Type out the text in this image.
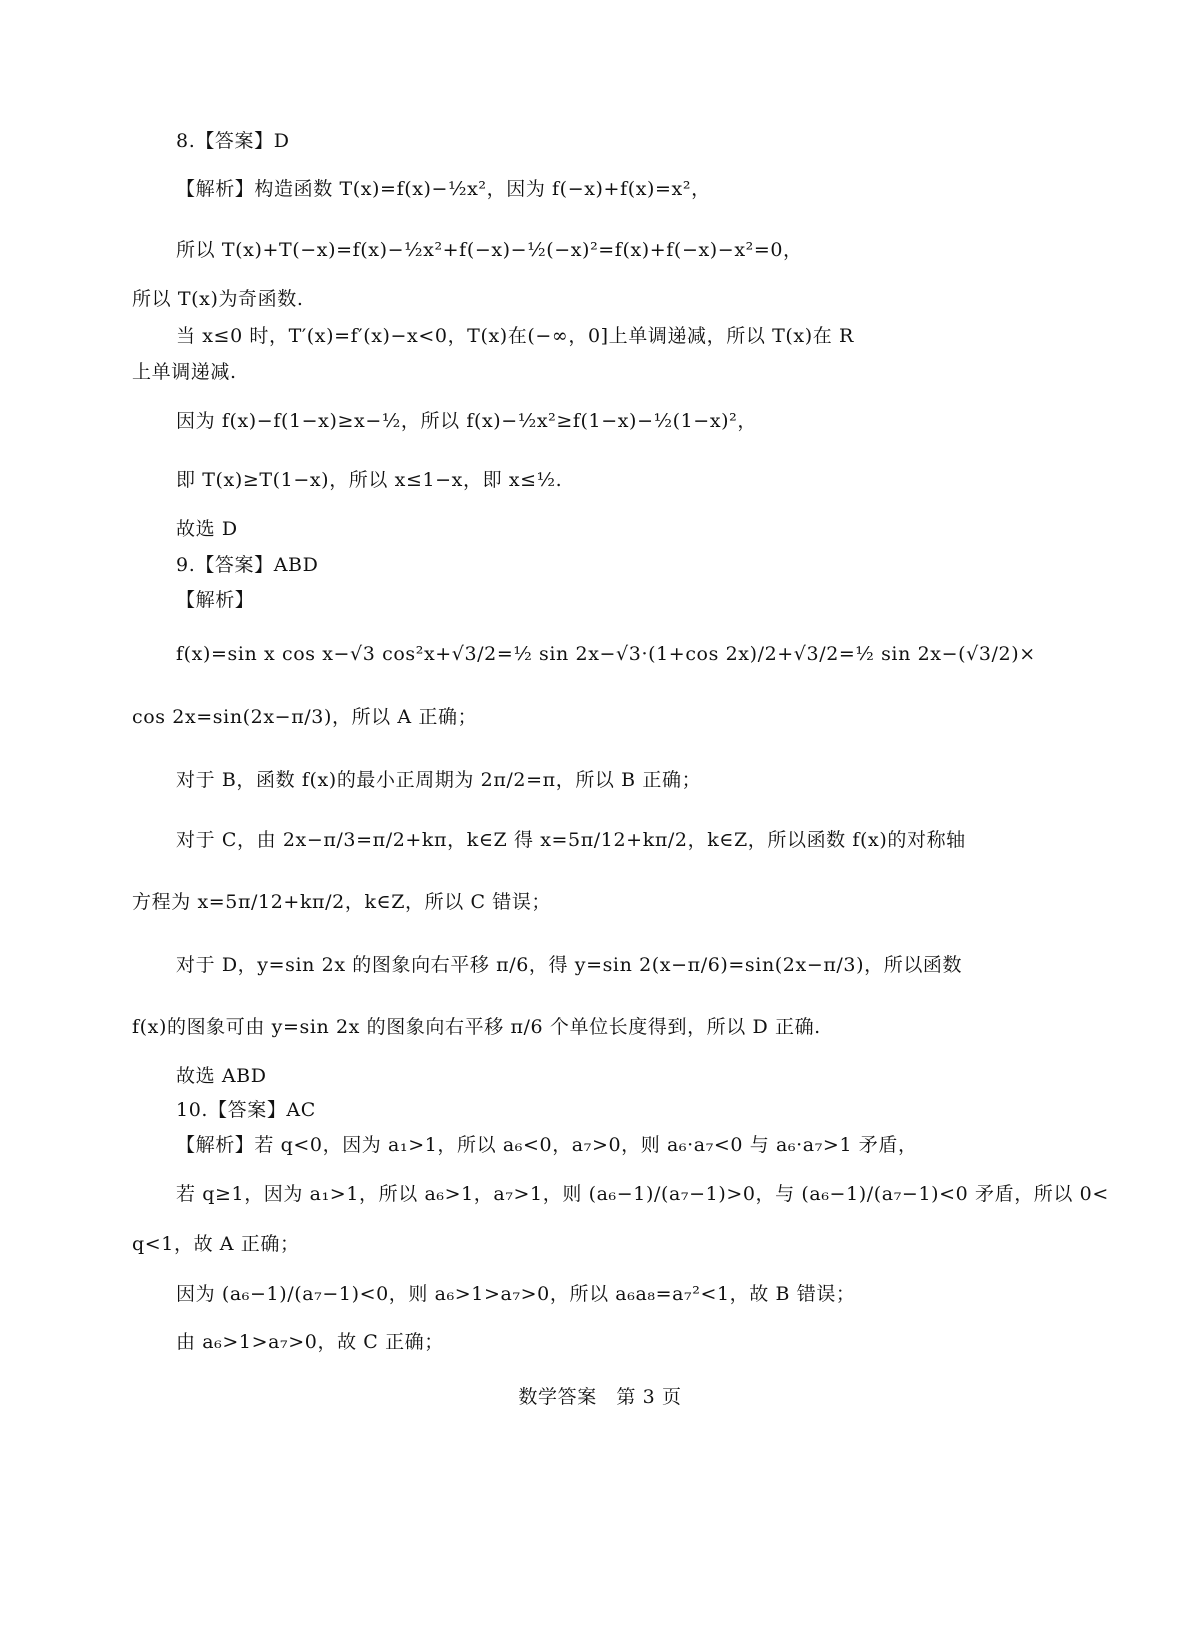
8.【答案】D
【解析】构造函数 T(x)=f(x)−½x²，因为 f(−x)+f(x)=x²，
所以 T(x)+T(−x)=f(x)−½x²+f(−x)−½(−x)²=f(x)+f(−x)−x²=0，
所以 T(x)为奇函数.
当 x≤0 时，T′(x)=f′(x)−x<0，T(x)在(−∞，0]上单调递减，所以 T(x)在 R
上单调递减.
因为 f(x)−f(1−x)≥x−½，所以 f(x)−½x²≥f(1−x)−½(1−x)²，
即 T(x)≥T(1−x)，所以 x≤1−x，即 x≤½.
故选 D
9.【答案】ABD
【解析】
f(x)=sin x cos x−√3 cos²x+√3/2=½ sin 2x−√3·(1+cos 2x)/2+√3/2=½ sin 2x−(√3/2)×
cos 2x=sin(2x−π/3)，所以 A 正确；
对于 B，函数 f(x)的最小正周期为 2π/2=π，所以 B 正确；
对于 C，由 2x−π/3=π/2+kπ，k∈Z 得 x=5π/12+kπ/2，k∈Z，所以函数 f(x)的对称轴
方程为 x=5π/12+kπ/2，k∈Z，所以 C 错误；
对于 D，y=sin 2x 的图象向右平移 π/6，得 y=sin 2(x−π/6)=sin(2x−π/3)，所以函数
f(x)的图象可由 y=sin 2x 的图象向右平移 π/6 个单位长度得到，所以 D 正确.
故选 ABD
10.【答案】AC
【解析】若 q<0，因为 a₁>1，所以 a₆<0，a₇>0，则 a₆·a₇<0 与 a₆·a₇>1 矛盾，
若 q≥1，因为 a₁>1，所以 a₆>1，a₇>1，则 (a₆−1)/(a₇−1)>0，与 (a₆−1)/(a₇−1)<0 矛盾，所以 0<
q<1，故 A 正确；
因为 (a₆−1)/(a₇−1)<0，则 a₆>1>a₇>0，所以 a₆a₈=a₇²<1，故 B 错误；
由 a₆>1>a₇>0，故 C 正确；
数学答案　第 3 页
